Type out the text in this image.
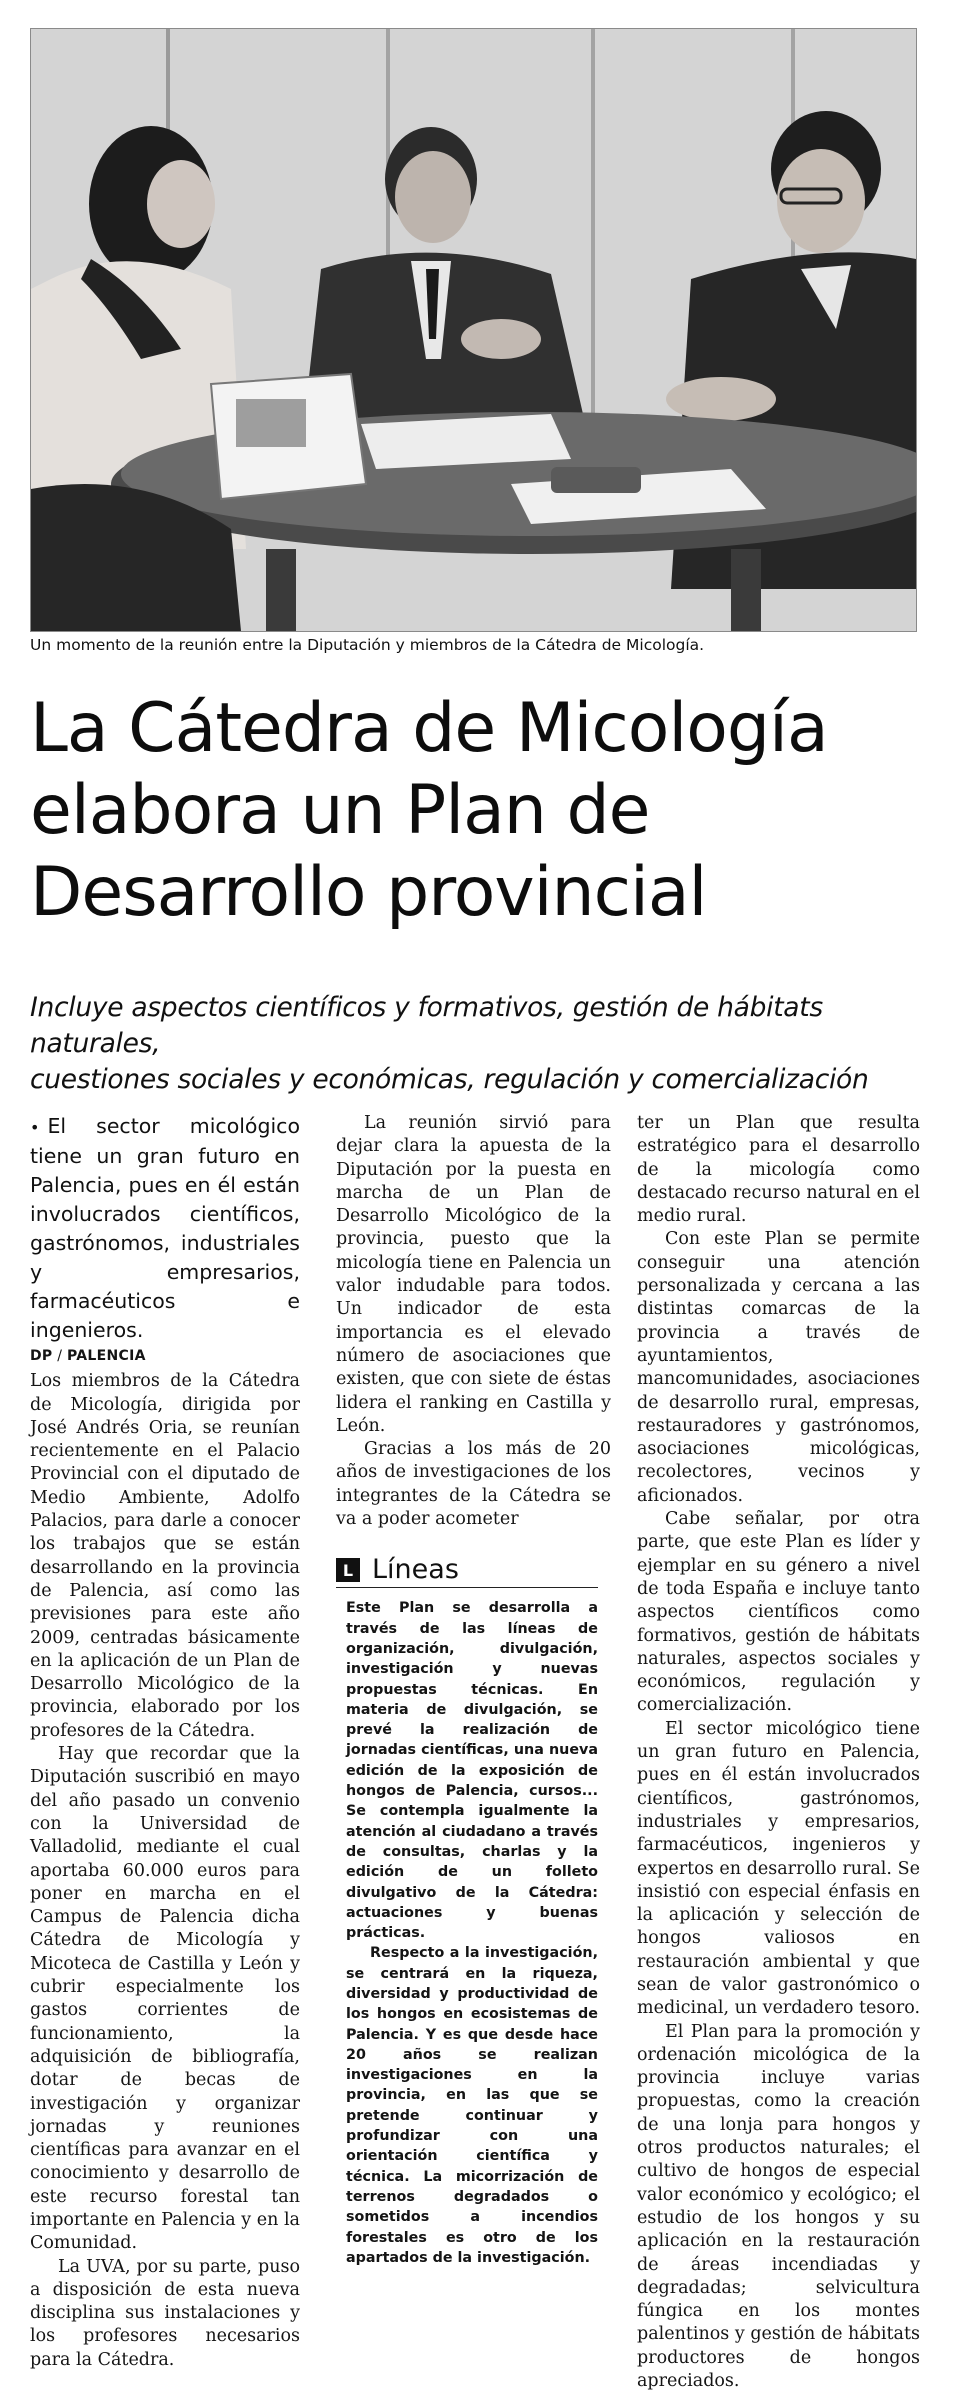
Un momento de la reunión entre la Diputación y miembros de la Cátedra de Micología.
La Cátedra de Micología
elabora un Plan de
Desarrollo provincial
Incluye aspectos científicos y formativos, gestión de hábitats naturales,
cuestiones sociales y económicas, regulación y comercialización

• El sector micológico tiene un gran futuro en Palencia, pues en él están involucrados científicos, gastrónomos, industriales y empresarios, farmacéuticos e ingenieros.

DP / PALENCIA

Los miembros de la Cátedra de Micología, dirigida por José Andrés Oria, se reunían recientemente en el Palacio Provincial con el diputado de Medio Ambiente, Adolfo Palacios, para darle a conocer los trabajos que se están desarrollando en la provincia de Palencia, así como las previsiones para este año 2009, centradas básicamente en la aplicación de un Plan de Desarrollo Micológico de la provincia, elaborado por los profesores de la Cátedra.

Hay que recordar que la Diputación suscribió en mayo del año pasado un convenio con la Universidad de Valladolid, mediante el cual aportaba 60.000 euros para poner en marcha en el Campus de Palencia dicha Cátedra de Micología y Micoteca de Castilla y León y cubrir especialmente los gastos corrientes de funcionamiento, la adquisición de bibliografía, dotar de becas de investigación y organizar jornadas y reuniones científicas para avanzar en el conocimiento y desarrollo de este recurso forestal tan importante en Palencia y en la Comunidad.

La UVA, por su parte, puso a disposición de esta nueva disciplina sus instalaciones y los profesores necesarios para la Cátedra.

La reunión sirvió para dejar clara la apuesta de la Diputación por la puesta en marcha de un Plan de Desarrollo Micológico de la provincia, puesto que la micología tiene en Palencia un valor indudable para todos. Un indicador de esta importancia es el elevado número de asociaciones que existen, que con siete de éstas lidera el ranking en Castilla y León.

Gracias a los más de 20 años de investigaciones de los integrantes de la Cátedra se va a poder acometer

L Líneas

Este Plan se desarrolla a través de las líneas de organización, divulgación, investigación y nuevas propuestas técnicas. En materia de divulgación, se prevé la realización de jornadas científicas, una nueva edición de la exposición de hongos de Palencia, cursos... Se contempla igualmente la atención al ciudadano a través de consultas, charlas y la edición de un folleto divulgativo de la Cátedra: actuaciones y buenas prácticas.

Respecto a la investigación, se centrará en la riqueza, diversidad y productividad de los hongos en ecosistemas de Palencia. Y es que desde hace 20 años se realizan investigaciones en la provincia, en las que se pretende continuar y profundizar con una orientación científica y técnica. La micorrización de terrenos degradados o sometidos a incendios forestales es otro de los apartados de la investigación.

ter un Plan que resulta estratégico para el desarrollo de la micología como destacado recurso natural en el medio rural.

Con este Plan se permite conseguir una atención personalizada y cercana a las distintas comarcas de la provincia a través de ayuntamientos, mancomunidades, asociaciones de desarrollo rural, empresas, restauradores y gastrónomos, asociaciones micológicas, recolectores, vecinos y aficionados.

Cabe señalar, por otra parte, que este Plan es líder y ejemplar en su género a nivel de toda España e incluye tanto aspectos científicos como formativos, gestión de hábitats naturales, aspectos sociales y económicos, regulación y comercialización.

El sector micológico tiene un gran futuro en Palencia, pues en él están involucrados científicos, gastrónomos, industriales y empresarios, farmacéuticos, ingenieros y expertos en desarrollo rural. Se insistió con especial énfasis en la aplicación y selección de hongos valiosos en restauración ambiental y que sean de valor gastronómico o medicinal, un verdadero tesoro.

El Plan para la promoción y ordenación micológica de la provincia incluye varias propuestas, como la creación de una lonja para hongos y otros productos naturales; el cultivo de hongos de especial valor económico y ecológico; el estudio de los hongos y su aplicación en la restauración de áreas incendiadas y degradadas; selvicultura fúngica en los montes palentinos y gestión de hábitats productores de hongos apreciados.
